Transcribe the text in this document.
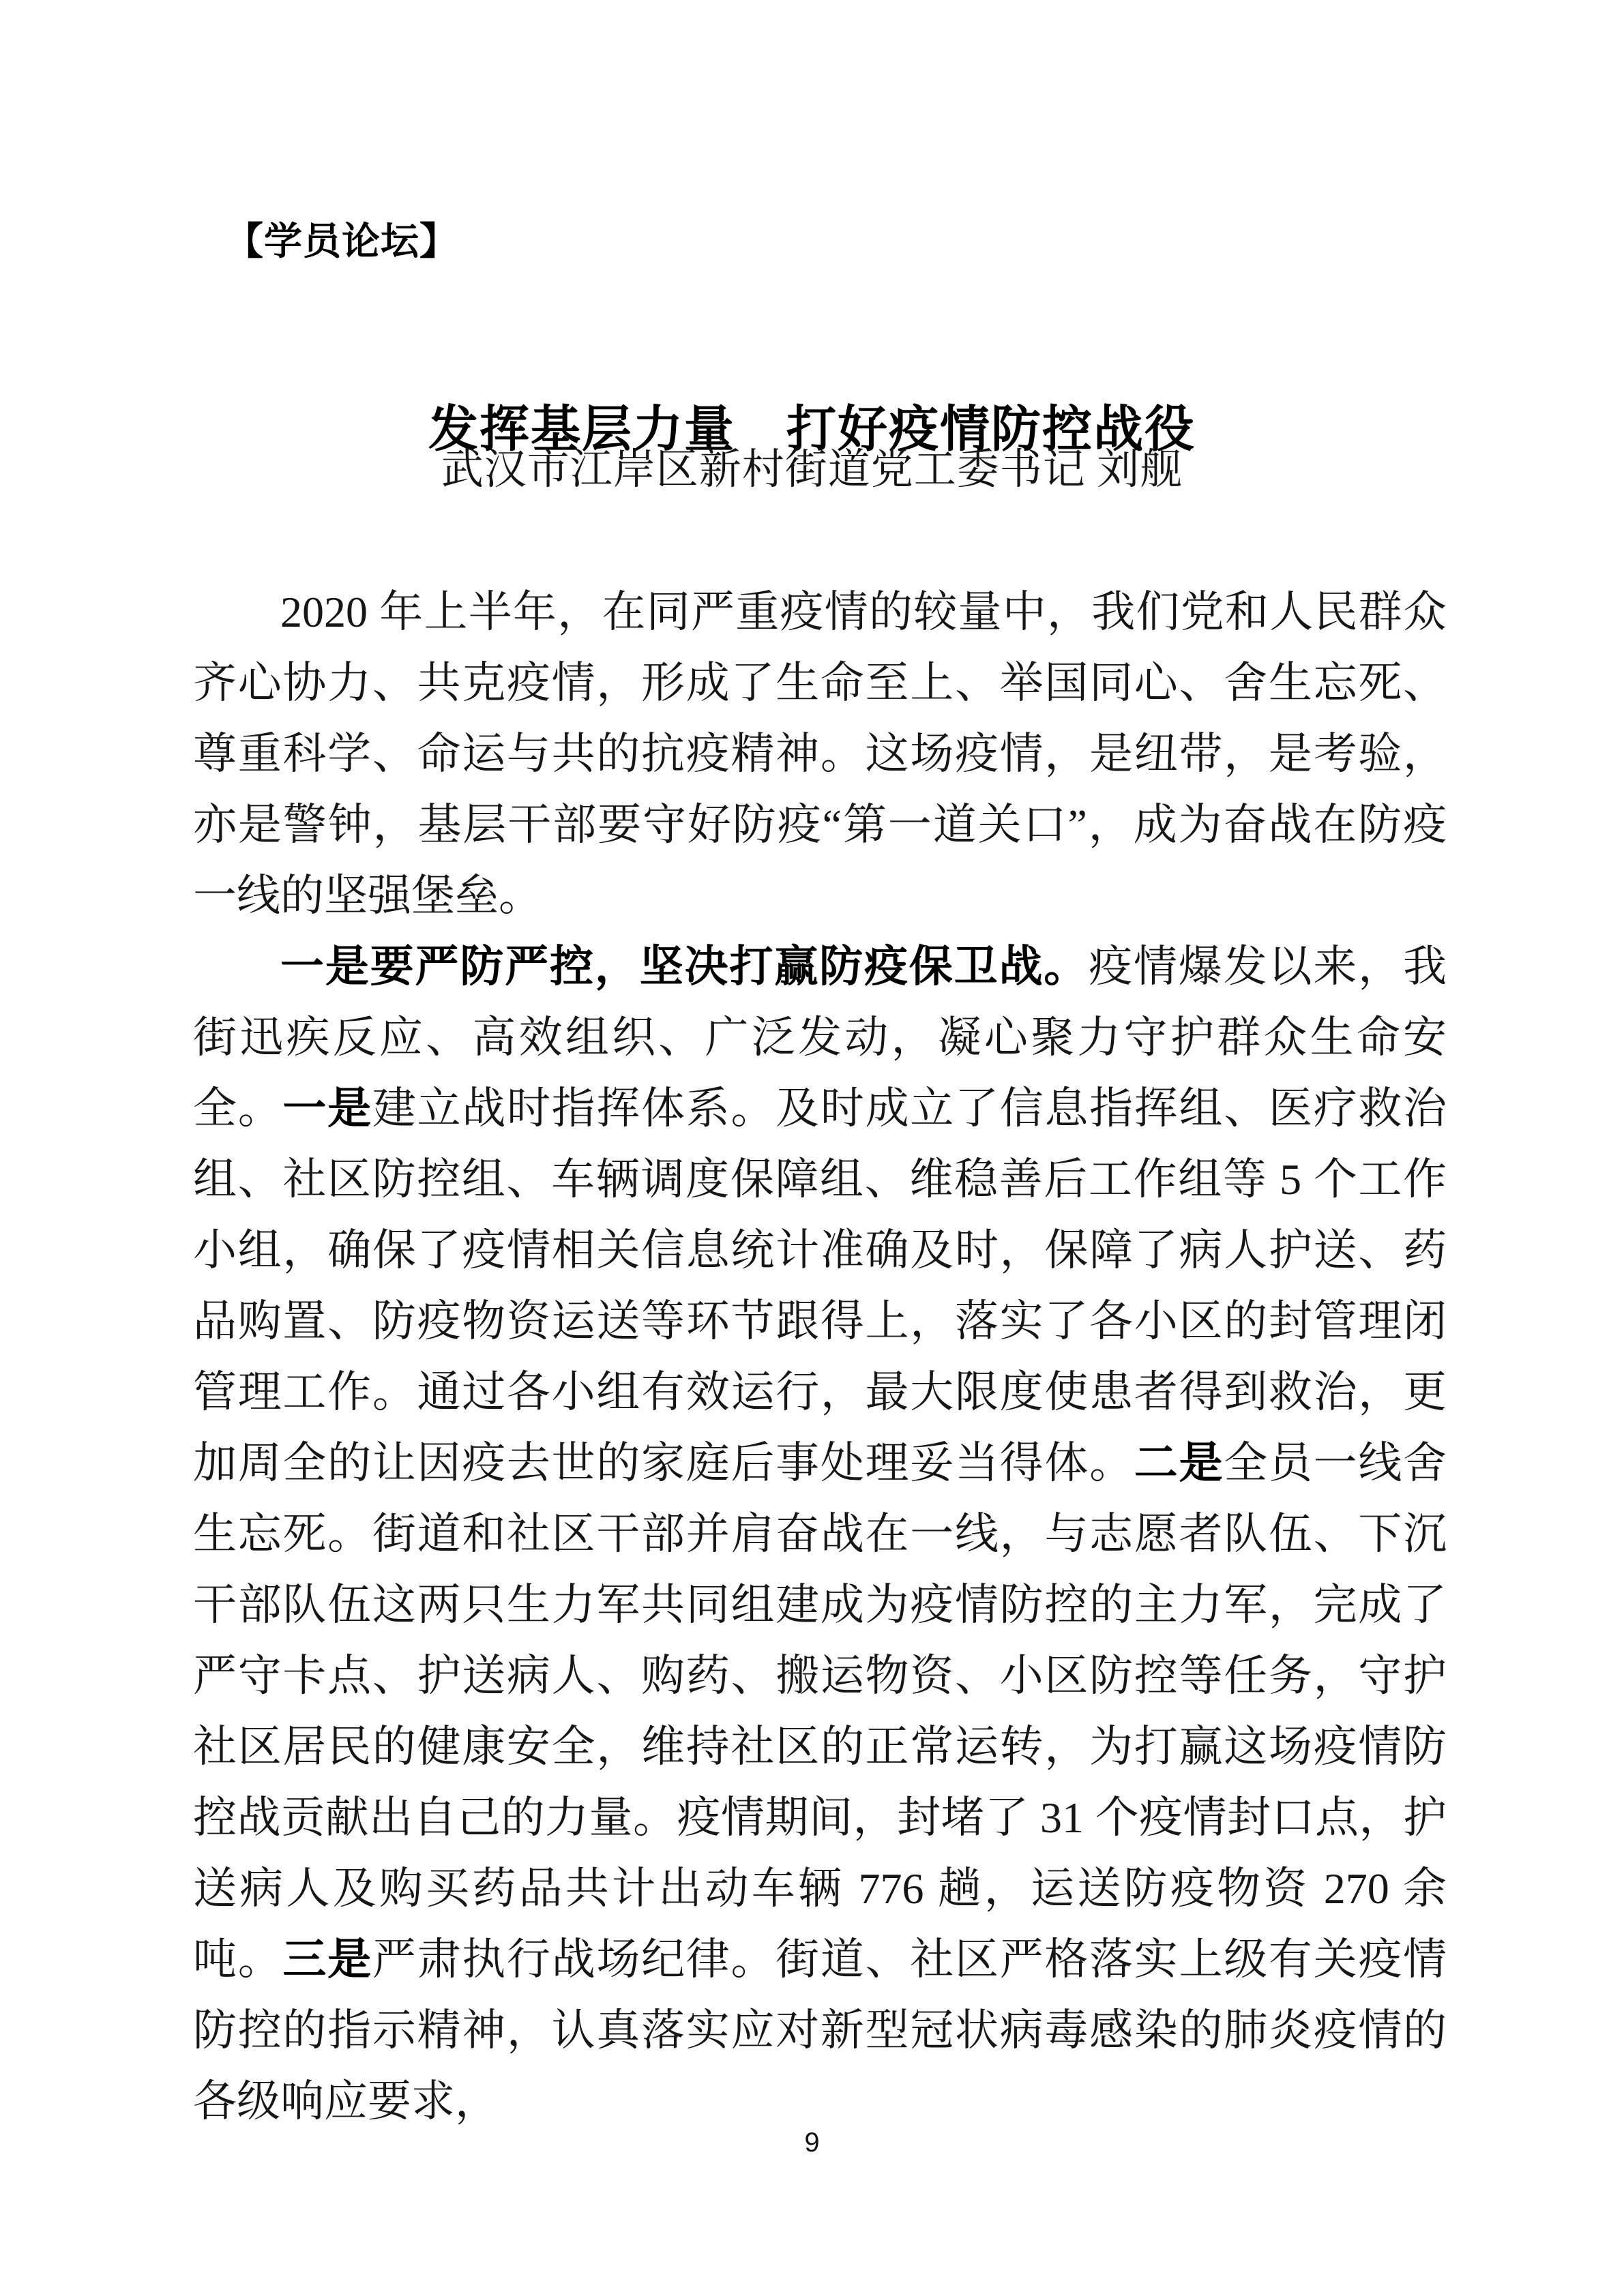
【学员论坛】
发挥基层力量　打好疫情防控战役
武汉市江岸区新村街道党工委书记 刘舰

2020 年上半年，在同严重疫情的较量中，我们党和人民群众齐心协力、共克疫情，形成了生命至上、举国同心、舍生忘死、尊重科学、命运与共的抗疫精神。这场疫情，是纽带，是考验，亦是警钟，基层干部要守好防疫“第一道关口”，成为奋战在防疫一线的坚强堡垒。

一是要严防严控，坚决打赢防疫保卫战。疫情爆发以来，我街迅疾反应、高效组织、广泛发动，凝心聚力守护群众生命安全。一是建立战时指挥体系。及时成立了信息指挥组、医疗救治组、社区防控组、车辆调度保障组、维稳善后工作组等 5 个工作小组，确保了疫情相关信息统计准确及时，保障了病人护送、药品购置、防疫物资运送等环节跟得上，落实了各小区的封管理闭管理工作。通过各小组有效运行，最大限度使患者得到救治，更加周全的让因疫去世的家庭后事处理妥当得体。二是全员一线舍生忘死。街道和社区干部并肩奋战在一线，与志愿者队伍、下沉干部队伍这两只生力军共同组建成为疫情防控的主力军，完成了严守卡点、护送病人、购药、搬运物资、小区防控等任务，守护社区居民的健康安全，维持社区的正常运转，为打赢这场疫情防控战贡献出自己的力量。疫情期间，封堵了 31 个疫情封口点，护送病人及购买药品共计出动车辆 776 趟，运送防疫物资 270 余吨。三是严肃执行战场纪律。街道、社区严格落实上级有关疫情防控的指示精神，认真落实应对新型冠状病毒感染的肺炎疫情的各级响应要求，

9
